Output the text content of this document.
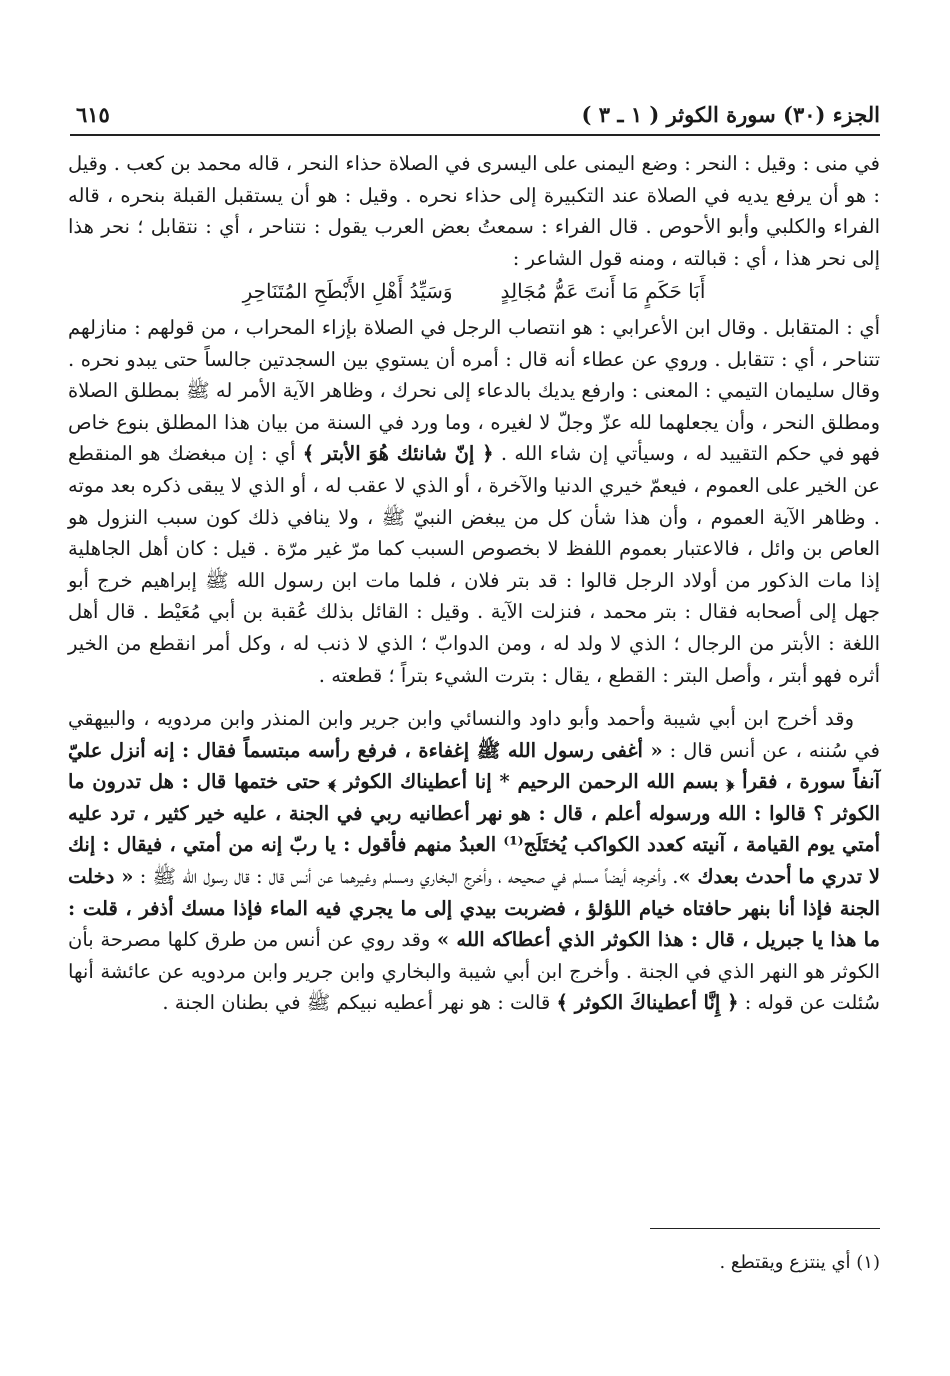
الجزء (٣٠) سورة الكوثر ( ١ ـ ٣ )
٦١٥

في منى : وقيل : النحر : وضع اليمنى على اليسرى في الصلاة حذاء النحر ، قاله محمد بن كعب . وقيل : هو أن يرفع يديه في الصلاة عند التكبيرة إلى حذاء نحره . وقيل : هو أن يستقبل القبلة بنحره ، قاله الفراء والكلبي وأبو الأحوص . قال الفراء : سمعتُ بعض العرب يقول : نتناحر ، أي : نتقابل ؛ نحر هذا إلى نحر هذا ، أي : قبالته ، ومنه قول الشاعر :

أَبَا حَكَمٍ مَا أَنتَ عَمُّ مُجَالِدٍ
وَسَيِّدُ أَهْلِ الأَبْطَحِ المُتَنَاحِرِ

أي : المتقابل . وقال ابن الأعرابي : هو انتصاب الرجل في الصلاة بإزاء المحراب ، من قولهم : منازلهم تتناحر ، أي : تتقابل . وروي عن عطاء أنه قال : أمره أن يستوي بين السجدتين جالساً حتى يبدو نحره . وقال سليمان التيمي : المعنى : وارفع يديك بالدعاء إلى نحرك ، وظاهر الآية الأمر له ﷺ بمطلق الصلاة ومطلق النحر ، وأن يجعلهما لله عزّ وجلّ لا لغيره ، وما ورد في السنة من بيان هذا المطلق بنوع خاص فهو في حكم التقييد له ، وسيأتي إن شاء الله . ﴿ إنّ شانئك هُوَ الأبتر ﴾ أي : إن مبغضك هو المنقطع عن الخير على العموم ، فيعمّ خيري الدنيا والآخرة ، أو الذي لا عقب له ، أو الذي لا يبقى ذكره بعد موته . وظاهر الآية العموم ، وأن هذا شأن كل من يبغض النبيّ ﷺ ، ولا ينافي ذلك كون سبب النزول هو العاص بن وائل ، فالاعتبار بعموم اللفظ لا بخصوص السبب كما مرّ غير مرّة . قيل : كان أهل الجاهلية إذا مات الذكور من أولاد الرجل قالوا : قد بتر فلان ، فلما مات ابن رسول الله ﷺ إبراهيم خرج أبو جهل إلى أصحابه فقال : بتر محمد ، فنزلت الآية . وقيل : القائل بذلك عُقبة بن أبي مُعَيْط . قال أهل اللغة : الأبتر من الرجال ؛ الذي لا ولد له ، ومن الدوابّ ؛ الذي لا ذنب له ، وكل أمر انقطع من الخير أثره فهو أبتر ، وأصل البتر : القطع ، يقال : بترت الشيء بتراً ؛ قطعته .

وقد أخرج ابن أبي شيبة وأحمد وأبو داود والنسائي وابن جرير وابن المنذر وابن مردويه ، والبيهقي في سُننه ، عن أنس قال : « أغفى رسول الله ﷺ إغفاءة ، فرفع رأسه مبتسماً فقال : إنه أنزل عليّ آنفاً سورة ، فقرأ ﴿ بسم الله الرحمن الرحيم * إنا أعطيناك الكوثر ﴾ حتى ختمها قال : هل تدرون ما الكوثر ؟ قالوا : الله ورسوله أعلم ، قال : هو نهر أعطانيه ربي في الجنة ، عليه خير كثير ، ترد عليه أمتي يوم القيامة ، آنيته كعدد الكواكب يُختَلَج⁽¹⁾ العبدُ منهم فأقول : يا ربّ إنه من أمتي ، فيقال : إنك لا تدري ما أحدث بعدك ». وأخرجه أيضاً مسلم في صحيحه ، وأخرج البخاري ومسلم وغيرهما عن أنس قال : قال رسول الله ﷺ : « دخلت الجنة فإذا أنا بنهر حافتاه خيام اللؤلؤ ، فضربت بيدي إلى ما يجري فيه الماء فإذا مسك أذفر ، قلت : ما هذا يا جبريل ، قال : هذا الكوثر الذي أعطاكه الله » وقد روي عن أنس من طرق كلها مصرحة بأن الكوثر هو النهر الذي في الجنة . وأخرج ابن أبي شيبة والبخاري وابن جرير وابن مردويه عن عائشة أنها سُئلت عن قوله : ﴿ إِنَّا أعطيناكَ الكوثر ﴾ قالت : هو نهر أعطيه نبيكم ﷺ في بطنان الجنة .

(١) أي ينتزع ويقتطع .
